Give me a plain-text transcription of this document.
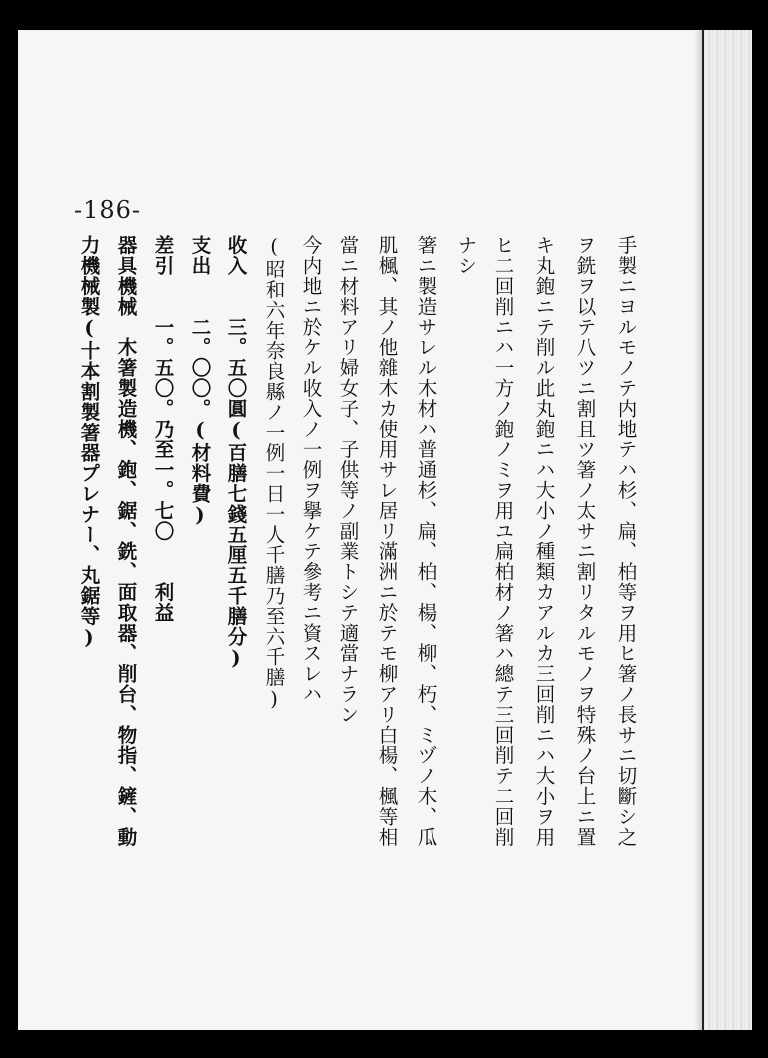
-186-
手製ニヨルモノテ内地テハ杉、扁、柏等ヲ用ヒ箸ノ長サニ切斷シ之
ヲ銑ヲ以テ八ツニ割且ツ箸ノ太サニ割リタルモノヲ特殊ノ台上ニ置
キ丸鉋ニテ削ル此丸鉋ニハ大小ノ種類カアルカ三回削ニハ大小ヲ用
ヒ二回削ニハ一方ノ鉋ノミヲ用ユ扁柏材ノ箸ハ總テ三回削テ二回削
ナシ
箸ニ製造サレル木材ハ普通杉、扁、柏、楊、柳、朽、ミヅノ木、瓜
肌楓、其ノ他雜木カ使用サレ居リ滿洲ニ於テモ柳アリ白楊、楓等相
當ニ材料アリ婦女子、子供等ノ副業トシテ適當ナラン
今内地ニ於ケル收入ノ一例ヲ擧ケテ參考ニ資スレハ
(昭和六年奈良縣ノ一例一日一人千膳乃至六千膳)
收入　　三。五〇圓(百膳七錢五厘五千膳分)
支出　　二。〇〇。(材料費)
差引　　一。五〇。乃至一。七〇　　利益
器具機械　木箸製造機、鉋、鋸、銑、面取器、削台、物指、鏟、動
力機械製(十本割製箸器プレナー、丸鋸等)
